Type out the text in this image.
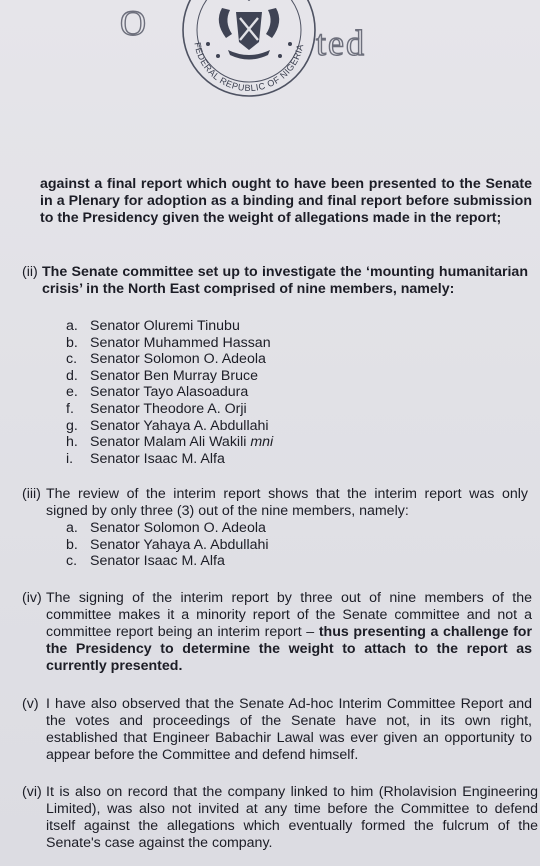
O	ted
FEDERAL REPUBLIC OF NIGERIA

against a final report which ought to have been presented to the Senate in a Plenary for adoption as a binding and final report before submission to the Presidency given the weight of allegations made in the report;

(ii) The Senate committee set up to investigate the ‘mounting humanitarian crisis’ in the North East comprised of nine members, namely:

a. Senator Oluremi Tinubu
b. Senator Muhammed Hassan
c. Senator Solomon O. Adeola
d. Senator Ben Murray Bruce
e. Senator Tayo Alasoadura
f. Senator Theodore A. Orji
g. Senator Yahaya A. Abdullahi
h. Senator Malam Ali Wakili mni
i. Senator Isaac M. Alfa
(iii) The review of the interim report shows that the interim report was only signed by only three (3) out of the nine members, namely:

a. Senator Solomon O. Adeola
b. Senator Yahaya A. Abdullahi
c. Senator Isaac M. Alfa
(iv) The signing of the interim report by three out of nine members of the committee makes it a minority report of the Senate committee and not a committee report being an interim report – thus presenting a challenge for the Presidency to determine the weight to attach to the report as currently presented.

(v) I have also observed that the Senate Ad-hoc Interim Committee Report and the votes and proceedings of the Senate have not, in its own right, established that Engineer Babachir Lawal was ever given an opportunity to appear before the Committee and defend himself.

(vi) It is also on record that the company linked to him (Rholavision Engineering Limited), was also not invited at any time before the Committee to defend itself against the allegations which eventually formed the fulcrum of the Senate's case against the company.
